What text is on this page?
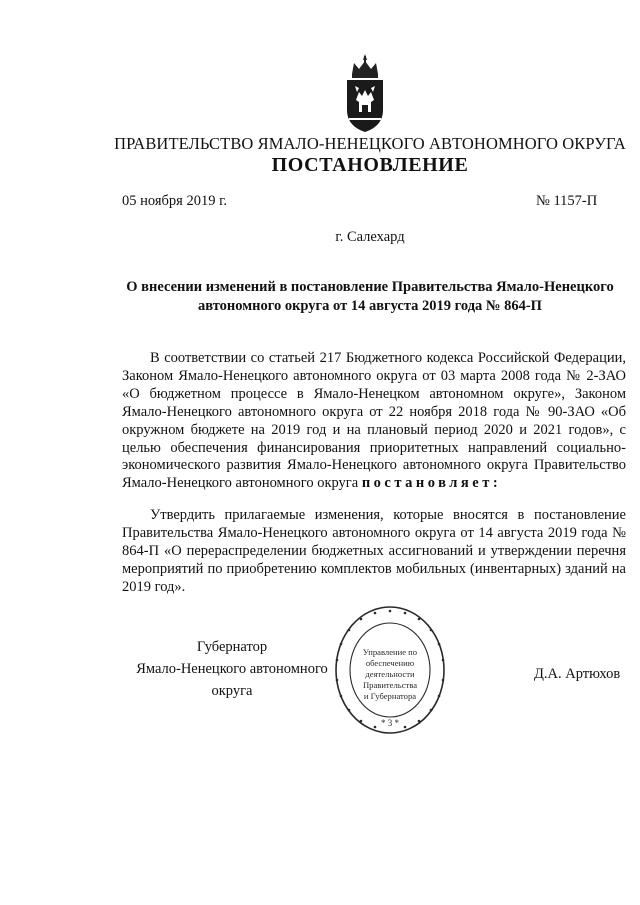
ПРАВИТЕЛЬСТВО ЯМАЛО-НЕНЕЦКОГО АВТОНОМНОГО ОКРУГА
ПОСТАНОВЛЕНИЕ
05 ноября 2019 г.	№ 1157-П
г. Салехард
О внесении изменений в постановление Правительства Ямало-Ненецкого
автономного округа от 14 августа 2019 года № 864-П
В соответствии со статьей 217 Бюджетного кодекса Российской Федерации, Законом Ямало-Ненецкого автономного округа от 03 марта 2008 года № 2-ЗАО «О бюджетном процессе в Ямало-Ненецком автономном округе», Законом Ямало-Ненецкого автономного округа от 22 ноября 2018 года № 90-ЗАО «Об окружном бюджете на 2019 год и на плановый период 2020 и 2021 годов», с целью обеспечения финансирования приоритетных направлений социально-экономического развития Ямало-Ненецкого автономного округа Правительство Ямало-Ненецкого автономного округа постановляет:
Утвердить прилагаемые изменения, которые вносятся в постановление Правительства Ямало-Ненецкого автономного округа от 14 августа 2019 года № 864-П «О перераспределении бюджетных ассигнований и утверждении перечня мероприятий по приобретению комплектов мобильных (инвентарных) зданий на 2019 год».
Губернатор
Ямало-Ненецкого автономного округа
* 3 *
Управление по
обеспечению
деятельности
Правительства
и Губернатора
Д.А. Артюхов
